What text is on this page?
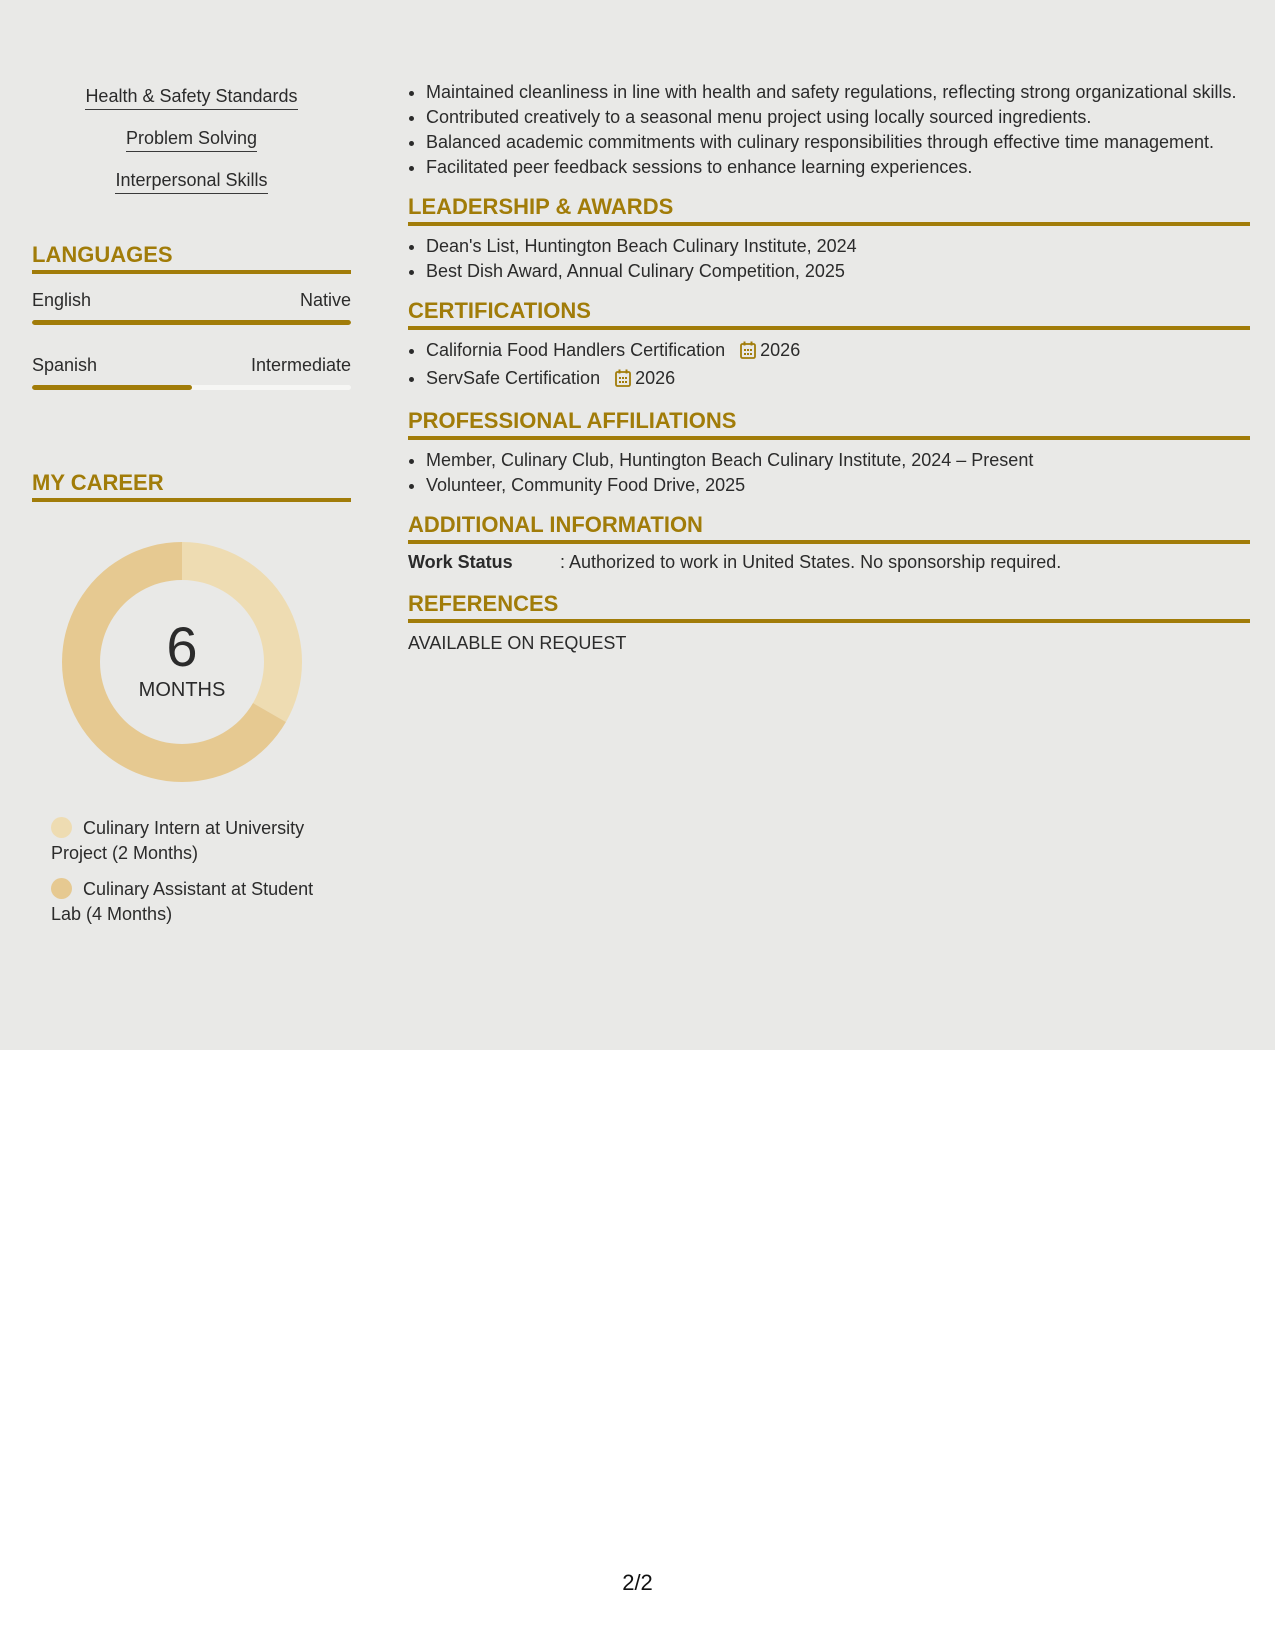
Health & Safety Standards
Problem Solving
Interpersonal Skills
LANGUAGES
English	Native
Spanish	Intermediate
MY CAREER
6
MONTHS
Culinary Intern at University Project (2 Months)
Culinary Assistant at Student Lab (4 Months)
• Maintained cleanliness in line with health and safety regulations, reflecting strong organizational skills.
• Contributed creatively to a seasonal menu project using locally sourced ingredients.
• Balanced academic commitments with culinary responsibilities through effective time management.
• Facilitated peer feedback sessions to enhance learning experiences.
LEADERSHIP & AWARDS
• Dean's List, Huntington Beach Culinary Institute, 2024
• Best Dish Award, Annual Culinary Competition, 2025
CERTIFICATIONS
• California Food Handlers Certification 2026
• ServSafe Certification 2026
PROFESSIONAL AFFILIATIONS
• Member, Culinary Club, Huntington Beach Culinary Institute, 2024 – Present
• Volunteer, Community Food Drive, 2025
ADDITIONAL INFORMATION
Work Status	: Authorized to work in United States. No sponsorship required.
REFERENCES
AVAILABLE ON REQUEST
2/2
